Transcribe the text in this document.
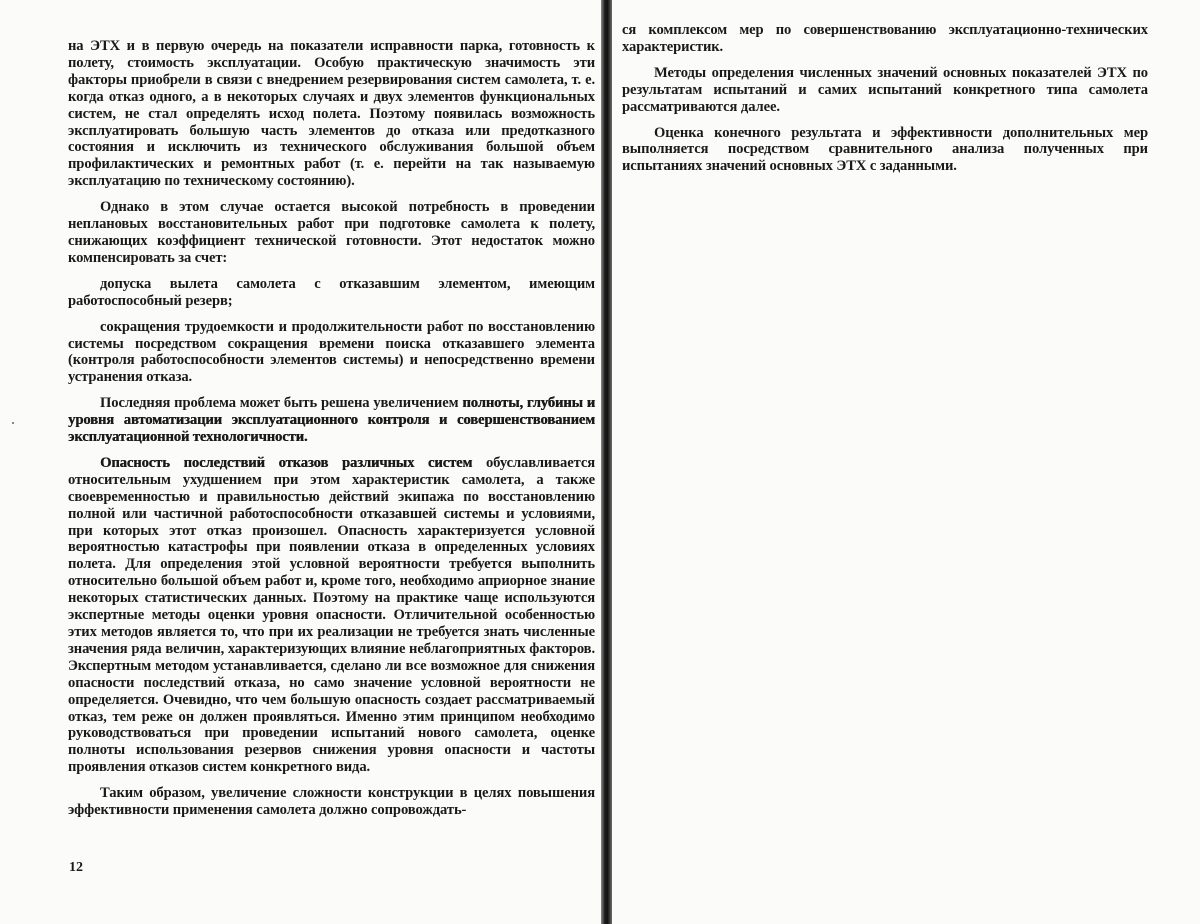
на ЭТХ и в первую очередь на показатели исправности парка, готовность к полету, стоимость эксплуатации. Особую практическую значимость эти факторы приобрели в связи с внедрением резервирования систем самолета, т. е. когда отказ одного, а в некоторых случаях и двух элементов функциональных систем, не стал определять исход полета. Поэтому появилась возможность эксплуатировать большую часть элементов до отказа или предотказного состояния и исключить из технического обслуживания большой объем профилактических и ремонтных работ (т. е. перейти на так называемую эксплуатацию по техническому состоянию).

Однако в этом случае остается высокой потребность в проведении неплановых восстановительных работ при подготовке самолета к полету, снижающих коэффициент технической готовности. Этот недостаток можно компенсировать за счет:

допуска вылета самолета с отказавшим элементом, имеющим работоспособный резерв;

сокращения трудоемкости и продолжительности работ по восстановлению системы посредством сокращения времени поиска отказавшего элемента (контроля работоспособности элементов системы) и непосредственно времени устранения отказа.

Последняя проблема может быть решена увеличением полноты, глубины и уровня автоматизации эксплуатационного контроля и совершенствованием эксплуатационной технологичности.

Опасность последствий отказов различных систем обуславливается относительным ухудшением при этом характеристик самолета, а также своевременностью и правильностью действий экипажа по восстановлению полной или частичной работоспособности отказавшей системы и условиями, при которых этот отказ произошел. Опасность характеризуется условной вероятностью катастрофы при появлении отказа в определенных условиях полета. Для определения этой условной вероятности требуется выполнить относительно большой объем работ и, кроме того, необходимо априорное знание некоторых статистических данных. Поэтому на практике чаще используются экспертные методы оценки уровня опасности. Отличительной особенностью этих методов является то, что при их реализации не требуется знать численные значения ряда величин, характеризующих влияние неблагоприятных факторов. Экспертным методом устанавливается, сделано ли все возможное для снижения опасности последствий отказа, но само значение условной вероятности не определяется. Очевидно, что чем большую опасность создает рассматриваемый отказ, тем реже он должен проявляться. Именно этим принципом необходимо руководствоваться при проведении испытаний нового самолета, оценке полноты использования резервов снижения уровня опасности и частоты проявления отказов систем конкретного вида.

Таким образом, увеличение сложности конструкции в целях повышения эффективности применения самолета должно сопровождать-

12

ся комплексом мер по совершенствованию эксплуатационно-технических характеристик.

Методы определения численных значений основных показателей ЭТХ по результатам испытаний и самих испытаний конкретного типа самолета рассматриваются далее.

Оценка конечного результата и эффективности дополнительных мер выполняется посредством сравнительного анализа полученных при испытаниях значений основных ЭТХ с заданными.
